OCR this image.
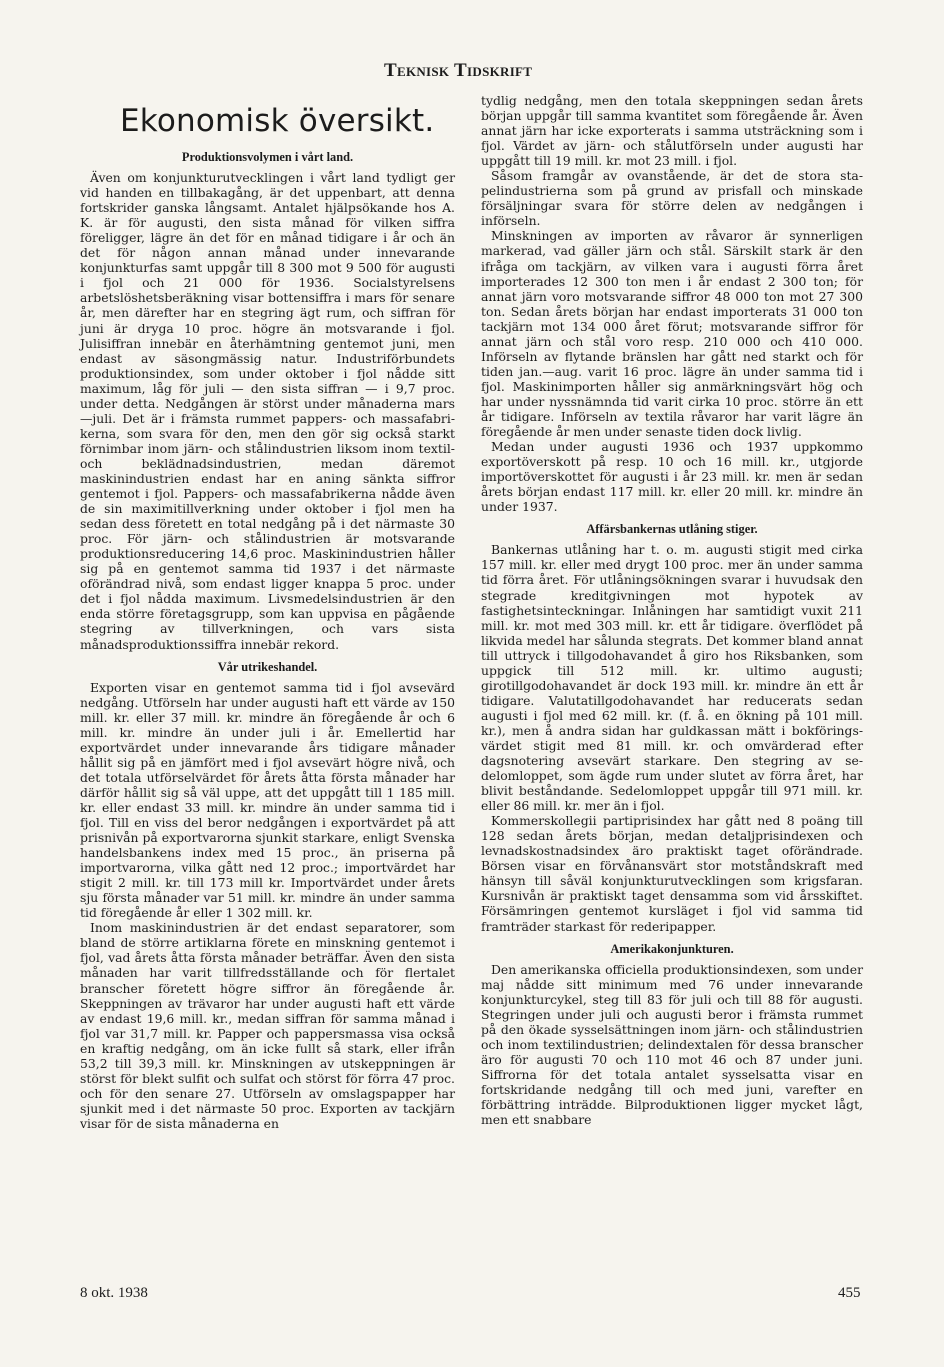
Teknisk Tidskrift
Ekonomisk översikt.
Produktionsvolymen i vårt land.

Även om konjunkturutvecklingen i vårt land tydligt ger vid handen en tillbakagång, är det uppenbart, att denna fortskrider ganska långsamt. Antalet hjälpsökande hos A. K. är för augusti, den sista månad för vilken siffra föreligger, lägre än det för en månad tidigare i år och än det för någon annan månad under innevarande konjunkturfas samt uppgår till 8 300 mot 9 500 för augusti i fjol och 21 000 för 1936. Socialstyrelsens arbetslöshetsberäkning visar bottensiffra i mars för senare år, men därefter har en stegring ägt rum, och siffran för juni är dryga 10 proc. högre än motsvarande i fjol. Julisiffran innebär en återhämtning gentemot juni, men endast av säsongmässig natur. Industriförbundets produktionsindex, som under oktober i fjol nådde sitt maximum, låg för juli — den sista siffran — i 9,7 proc. under detta. Nedgången är störst under månaderna mars—juli. Det är i främsta rummet pappers- och massafabrikerna, som svara för den, men den gör sig också starkt förnimbar inom järn- och stålindustrien liksom inom textil- och beklädnadsindustrien, medan däremot maskinindustrien endast har en aning sänkta siffror gentemot i fjol. Pappers- och massafabrikerna nådde även de sin maximitillverkning under oktober i fjol men ha sedan dess företett en total nedgång på i det närmaste 30 proc. För järn- och stålindustrien är motsvarande produktionsreducering 14,6 proc. Maskinindustrien håller sig på en gentemot samma tid 1937 i det närmaste oförändrad nivå, som endast ligger knappa 5 proc. under det i fjol nådda maximum. Livsmedelsindustrien är den enda större företagsgrupp, som kan uppvisa en pågående stegring av tillverkningen, och vars sista månadsproduktionssiffra innebär rekord.

Vår utrikeshandel.

Exporten visar en gentemot samma tid i fjol avsevärd nedgång. Utförseln har under augusti haft ett värde av 150 mill. kr. eller 37 mill. kr. mindre än föregående år och 6 mill. kr. mindre än under juli i år. Emellertid har exportvärdet under innevarande års tidigare månader hållit sig på en jämfört med i fjol avsevärt högre nivå, och det totala utförselvärdet för årets åtta första månader har därför hållit sig så väl uppe, att det uppgått till 1 185 mill. kr. eller endast 33 mill. kr. mindre än under samma tid i fjol. Till en viss del beror nedgången i exportvärdet på att prisnivån på exportvarorna sjunkit starkare, enligt Svenska handelsbankens index med 15 proc., än priserna på importvarorna, vilka gått ned 12 proc.; importvärdet har stigit 2 mill. kr. till 173 mill kr. Importvärdet under årets sju första månader var 51 mill. kr. mindre än under samma tid föregående år eller 1 302 mill. kr.

Inom maskinindustrien är det endast separatorer, som bland de större artiklarna förete en minskning gentemot i fjol, vad årets åtta första månader beträffar. Även den sista månaden har varit tillfredsställande och för flertalet branscher företett högre siffror än föregående år. Skeppningen av trävaror har under augusti haft ett värde av endast 19,6 mill. kr., medan siffran för samma månad i fjol var 31,7 mill. kr. Papper och pappersmassa visa också en kraftig nedgång, om än icke fullt så stark, eller ifrån 53,2 till 39,3 mill. kr. Minskningen av utskeppningen är störst för blekt sulfit och sulfat och störst för förra 47 proc. och för den senare 27. Utförseln av omslagspapper har sjunkit med i det närmaste 50 proc. Exporten av tackjärn visar för de sista månaderna en

tydlig nedgång, men den totala skeppningen sedan årets början uppgår till samma kvantitet som föregående år. Även annat järn har icke exporterats i samma utsträckning som i fjol. Värdet av järn- och stålutförseln under augusti har uppgått till 19 mill. kr. mot 23 mill. i fjol.

Såsom framgår av ovanstående, är det de stora stapelindustrierna som på grund av prisfall och minskade försäljningar svara för större delen av nedgången i införseln.

Minskningen av importen av råvaror är synnerligen markerad, vad gäller järn och stål. Särskilt stark är den ifråga om tackjärn, av vilken vara i augusti förra året importerades 12 300 ton men i år endast 2 300 ton; för annat järn voro motsvarande siffror 48 000 ton mot 27 300 ton. Sedan årets början har endast importerats 31 000 ton tackjärn mot 134 000 året förut; motsvarande siffror för annat järn och stål voro resp. 210 000 och 410 000. Införseln av flytande bränslen har gått ned starkt och för tiden jan.—aug. varit 16 proc. lägre än under samma tid i fjol. Maskinimporten håller sig anmärkningsvärt hög och har under nyssnämnda tid varit cirka 10 proc. större än ett år tidigare. Införseln av textila råvaror har varit lägre än föregående år men under senaste tiden dock livlig.

Medan under augusti 1936 och 1937 uppkommo exportöverskott på resp. 10 och 16 mill. kr., utgjorde importöverskottet för augusti i år 23 mill. kr. men är sedan årets början endast 117 mill. kr. eller 20 mill. kr. mindre än under 1937.

Affärsbankernas utlåning stiger.

Bankernas utlåning har t. o. m. augusti stigit med cirka 157 mill. kr. eller med drygt 100 proc. mer än under samma tid förra året. För utlåningsökningen svarar i huvudsak den stegrade kreditgivningen mot hypotek av fastighetsinteckningar. Inlåningen har samtidigt vuxit 211 mill. kr. mot med 303 mill. kr. ett år tidigare. överflödet på likvida medel har sålunda stegrats. Det kommer bland annat till uttryck i tillgodohavandet å giro hos Riksbanken, som uppgick till 512 mill. kr. ultimo augusti; girotillgodohavandet är dock 193 mill. kr. mindre än ett år tidigare. Valutatillgodohavandet har reducerats sedan augusti i fjol med 62 mill. kr. (f. å. en ökning på 101 mill. kr.), men å andra sidan har guldkassan mätt i bokföringsvärdet stigit med 81 mill. kr. och omvärderad efter dagsnotering avsevärt starkare. Den stegring av sedelomloppet, som ägde rum under slutet av förra året, har blivit beståndande. Sedelomloppet uppgår till 971 mill. kr. eller 86 mill. kr. mer än i fjol.

Kommerskollegii partiprisindex har gått ned 8 poäng till 128 sedan årets början, medan detaljprisindexen och levnadskostnadsindex äro praktiskt taget oförändrade. Börsen visar en förvånansvärt stor motståndskraft med hänsyn till såväl konjunkturutvecklingen som krigsfaran. Kursnivån är praktiskt taget densamma som vid årsskiftet. Försämringen gentemot kursläget i fjol vid samma tid framträder starkast för rederipapper.

Amerikakonjunkturen.

Den amerikanska officiella produktionsindexen, som under maj nådde sitt minimum med 76 under innevarande konjunkturcykel, steg till 83 för juli och till 88 för augusti. Stegringen under juli och augusti beror i främsta rummet på den ökade sysselsättningen inom järn- och stålindustrien och inom textilindustrien; delindextalen för dessa branscher äro för augusti 70 och 110 mot 46 och 87 under juni. Siffrorna för det totala antalet sysselsatta visar en fortskridande nedgång till och med juni, varefter en förbättring inträdde. Bilproduktionen ligger mycket lågt, men ett snabbare

8 okt. 1938	455
